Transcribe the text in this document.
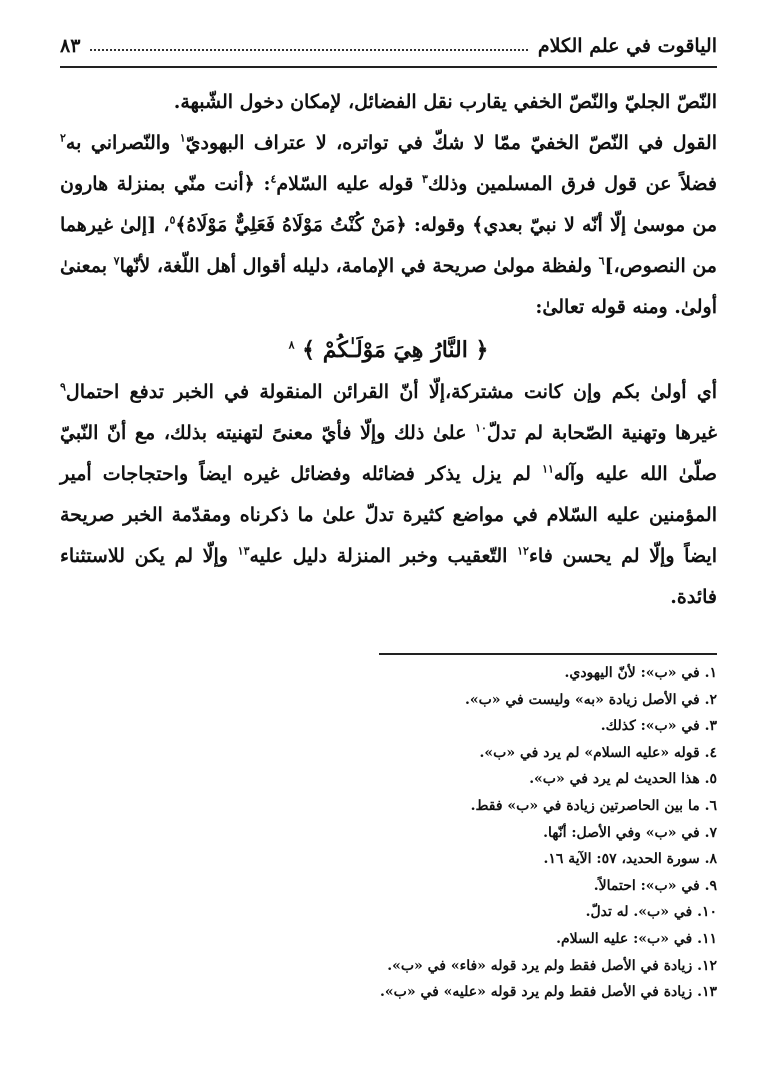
الياقوت في علم الكلام
٨٣

النّصّ الجليّ والنّصّ الخفي يقارب نقل الفضائل، لإمكان دخول الشّبهة.

القول في النّصّ الخفيّ ممّا لا شكّ في تواتره، لا عتراف البهوديّ$^١$ والنّصراني به$^٢$ فضلاً عن قول فرق المسلمين وذلك$^٣$ قوله عليه السّلام$^٤$: ﴿أنت منّي بمنزلة هارون من موسىٰ إلّا أنّه لا نبيّ بعدي﴾ وقوله: ﴿مَنْ كُنْتُ مَوْلَاهُ فَعَلِيٌّ مَوْلَاهُ﴾$^٥$، [إلىٰ غيرهما من النصوص،]$^٦$ ولفظة مولىٰ صريحة في الإمامة، دليله أقوال أهل اللّغة، لأنّها$^٧$ بمعنىٰ أولىٰ. ومنه قوله تعالىٰ:

﴿ النَّارُ هِيَ مَوْلَـٰكُمْ ﴾ $^٨$

أي أولىٰ بكم وإن كانت مشتركة،إلّا أنّ القرائن المنقولة في الخبر تدفع احتمال$^٩$ غيرها وتهنية الصّحابة لم تدلّ$^{١٠}$ علىٰ ذلك وإلّا فأيّ معنىً لتهنيته بذلك، مع أنّ النّبيّ صلّىٰ الله عليه وآله$^{١١}$ لم يزل يذكر فضائله وفضائل غيره ايضاً واحتجاجات أمير المؤمنين عليه السّلام في مواضع كثيرة تدلّ علىٰ ما ذكرناه ومقدّمة الخبر صريحة ايضاً وإلّا لم يحسن فاء$^{١٢}$ التّعقيب وخبر المنزلة دليل عليه$^{١٣}$ وإلّا لم يكن للاستثناء فائدة.

١. في «ب»: لأنّ اليهودي.
٢. في الأصل زيادة «به» وليست في «ب».
٣. في «ب»: كذلك.
٤. قوله «عليه السلام» لم يرد في «ب».
٥. هذا الحديث لم يرد في «ب».
٦. ما بين الحاصرتين زيادة في «ب» فقط.
٧. في «ب» وفي الأصل: أنّها.
٨. سورة الحديد، ٥٧: الآية ١٦.
٩. في «ب»: احتمالاً.
١٠. في «ب». له تدلّ.
١١. في «ب»: عليه السلام.
١٢. زيادة في الأصل فقط ولم يرد قوله «فاء» في «ب».
١٣. زيادة في الأصل فقط ولم يرد قوله «عليه» في «ب».
